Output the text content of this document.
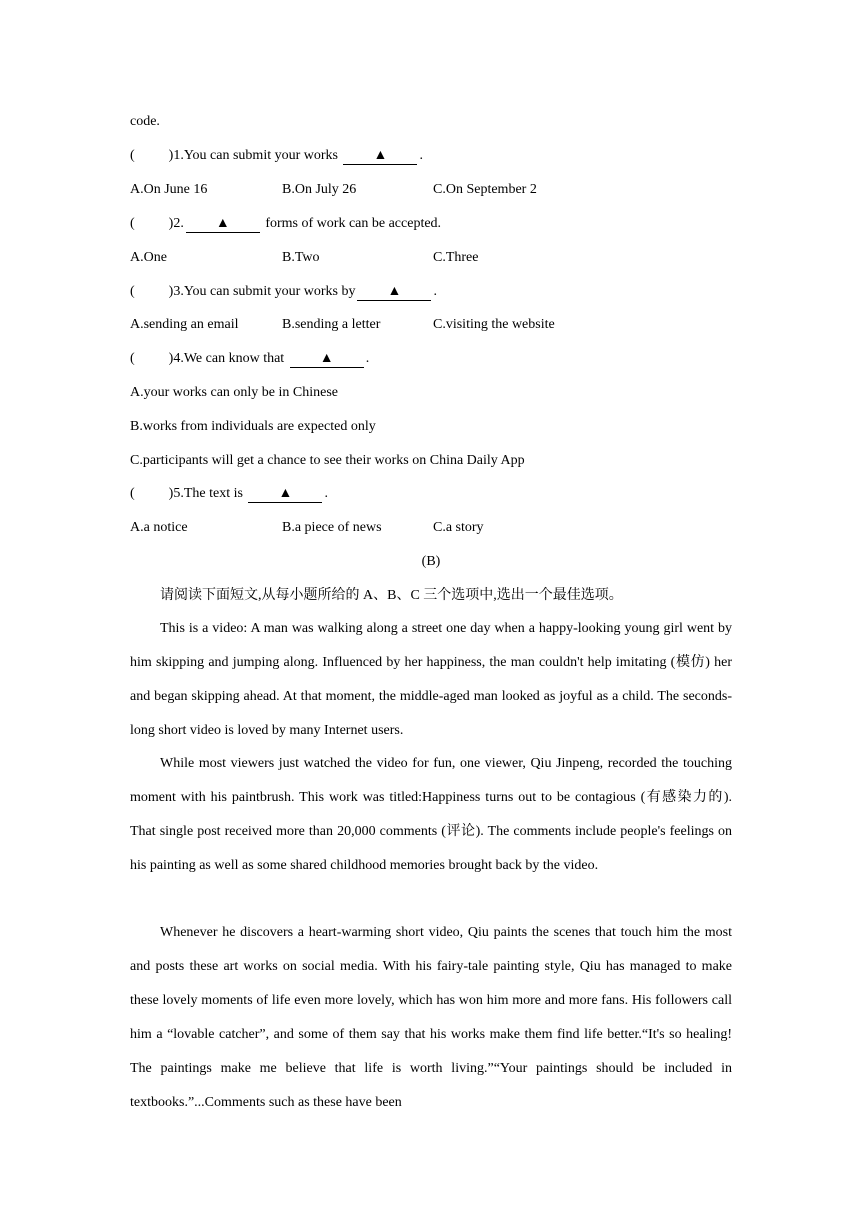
code.
( )1.You can submit your works ▲ .
A.On June 16	B.On July 26	C.On September 2
( )2. ▲ forms of work can be accepted.
A.One	B.Two	C.Three
( )3.You can submit your works by ▲ .
A.sending an email	B.sending a letter	C.visiting the website
( )4.We can know that ▲ .
A.your works can only be in Chinese
B.works from individuals are expected only
C.participants will get a chance to see their works on China Daily App
( )5.The text is ▲ .
A.a notice	B.a piece of news	C.a story
(B)
请阅读下面短文,从每小题所给的 A、B、C 三个选项中,选出一个最佳选项。
This is a video: A man was walking along a street one day when a happy-looking young girl went by him skipping and jumping along. Influenced by her happiness, the man couldn't help imitating (模仿) her and began skipping ahead. At that moment, the middle-aged man looked as joyful as a child. The seconds-long short video is loved by many Internet users.
While most viewers just watched the video for fun, one viewer, Qiu Jinpeng, recorded the touching moment with his paintbrush. This work was titled:Happiness turns out to be contagious (有感染力的). That single post received more than 20,000 comments (评论). The comments include people's feelings on his painting as well as some shared childhood memories brought back by the video.
Whenever he discovers a heart-warming short video, Qiu paints the scenes that touch him the most and posts these art works on social media. With his fairy-tale painting style, Qiu has managed to make these lovely moments of life even more lovely, which has won him more and more fans. His followers call him a “lovable catcher”, and some of them say that his works make them find life better.“It's so healing! The paintings make me believe that life is worth living.”“Your paintings should be included in textbooks.”...Comments such as these have been
